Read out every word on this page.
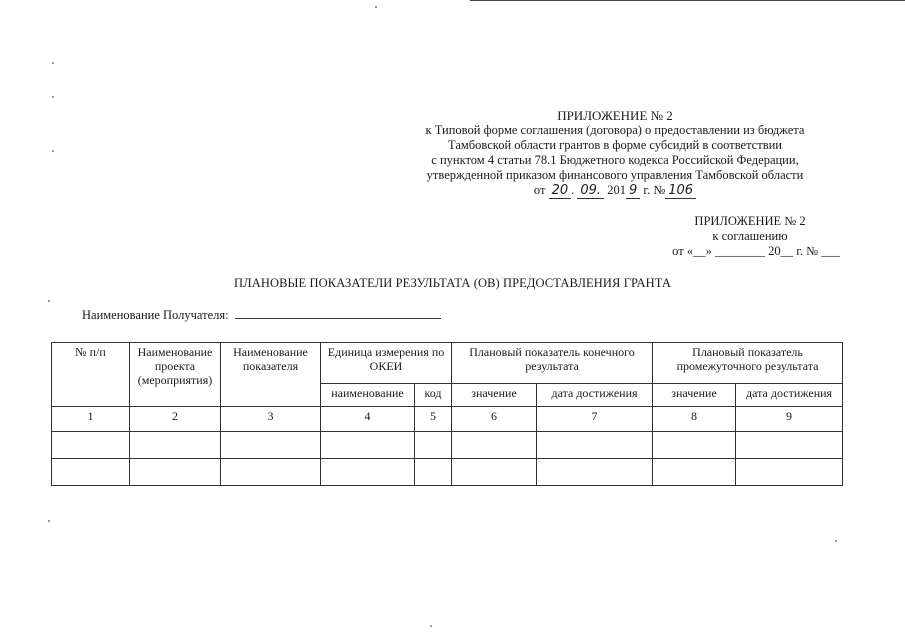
ПРИЛОЖЕНИЕ № 2
к Типовой форме соглашения (договора) о предоставлении из бюджета
Тамбовской области грантов в форме субсидий в соответствии
с пунктом 4 статьи 78.1 Бюджетного кодекса Российской Федерации,
утвержденной приказом финансового управления Тамбовской области
от 20 . 09. 201 9 г. № 106
ПРИЛОЖЕНИЕ № 2
к соглашению
от «__» ________ 20__ г. № ___
ПЛАНОВЫЕ ПОКАЗАТЕЛИ РЕЗУЛЬТАТА (ОВ) ПРЕДОСТАВЛЕНИЯ ГРАНТА
Наименование Получателя:
№ п/п	Наименование проекта (мероприятия)	Наименование показателя	Единица измерения по ОКЕИ		Плановый показатель конечного результата		Плановый показатель промежуточного результата	
			наименование	код	значение	дата достижения	значение	дата достижения
1	2	3	4	5	6	7	8	9
